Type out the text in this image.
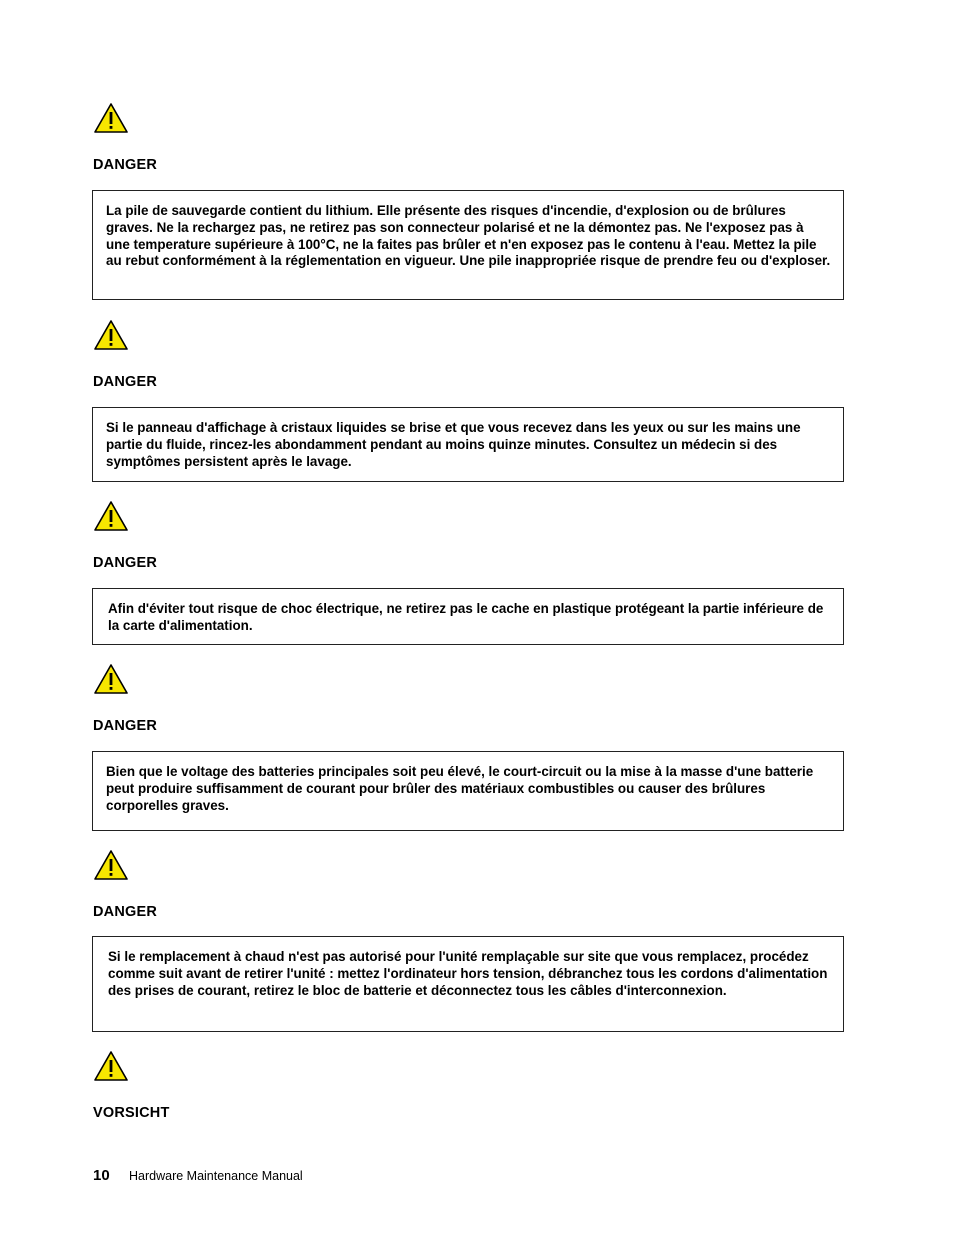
DANGER

La pile de sauvegarde contient du lithium. Elle présente des risques d'incendie, d'explosion ou de brûlures graves. Ne la rechargez pas, ne retirez pas son connecteur polarisé et ne la démontez pas. Ne l'exposez pas à une temperature supérieure à 100°C, ne la faites pas brûler et n'en exposez pas le contenu à l'eau. Mettez la pile au rebut conformément à la réglementation en vigueur. Une pile inappropriée risque de prendre feu ou d'exploser.

DANGER

Si le panneau d'affichage à cristaux liquides se brise et que vous recevez dans les yeux ou sur les mains une partie du fluide, rincez-les abondamment pendant au moins quinze minutes. Consultez un médecin si des symptômes persistent après le lavage.

DANGER

Afin d'éviter tout risque de choc électrique, ne retirez pas le cache en plastique protégeant la partie inférieure de la carte d'alimentation.

DANGER

Bien que le voltage des batteries principales soit peu élevé, le court-circuit ou la mise à la masse d'une batterie peut produire suffisamment de courant pour brûler des matériaux combustibles ou causer des brûlures corporelles graves.

DANGER

Si le remplacement à chaud n'est pas autorisé pour l'unité remplaçable sur site que vous remplacez, procédez comme suit avant de retirer l'unité : mettez l'ordinateur hors tension, débranchez tous les cordons d'alimentation des prises de courant, retirez le bloc de batterie et déconnectez tous les câbles d'interconnexion.

VORSICHT
10 Hardware Maintenance Manual
